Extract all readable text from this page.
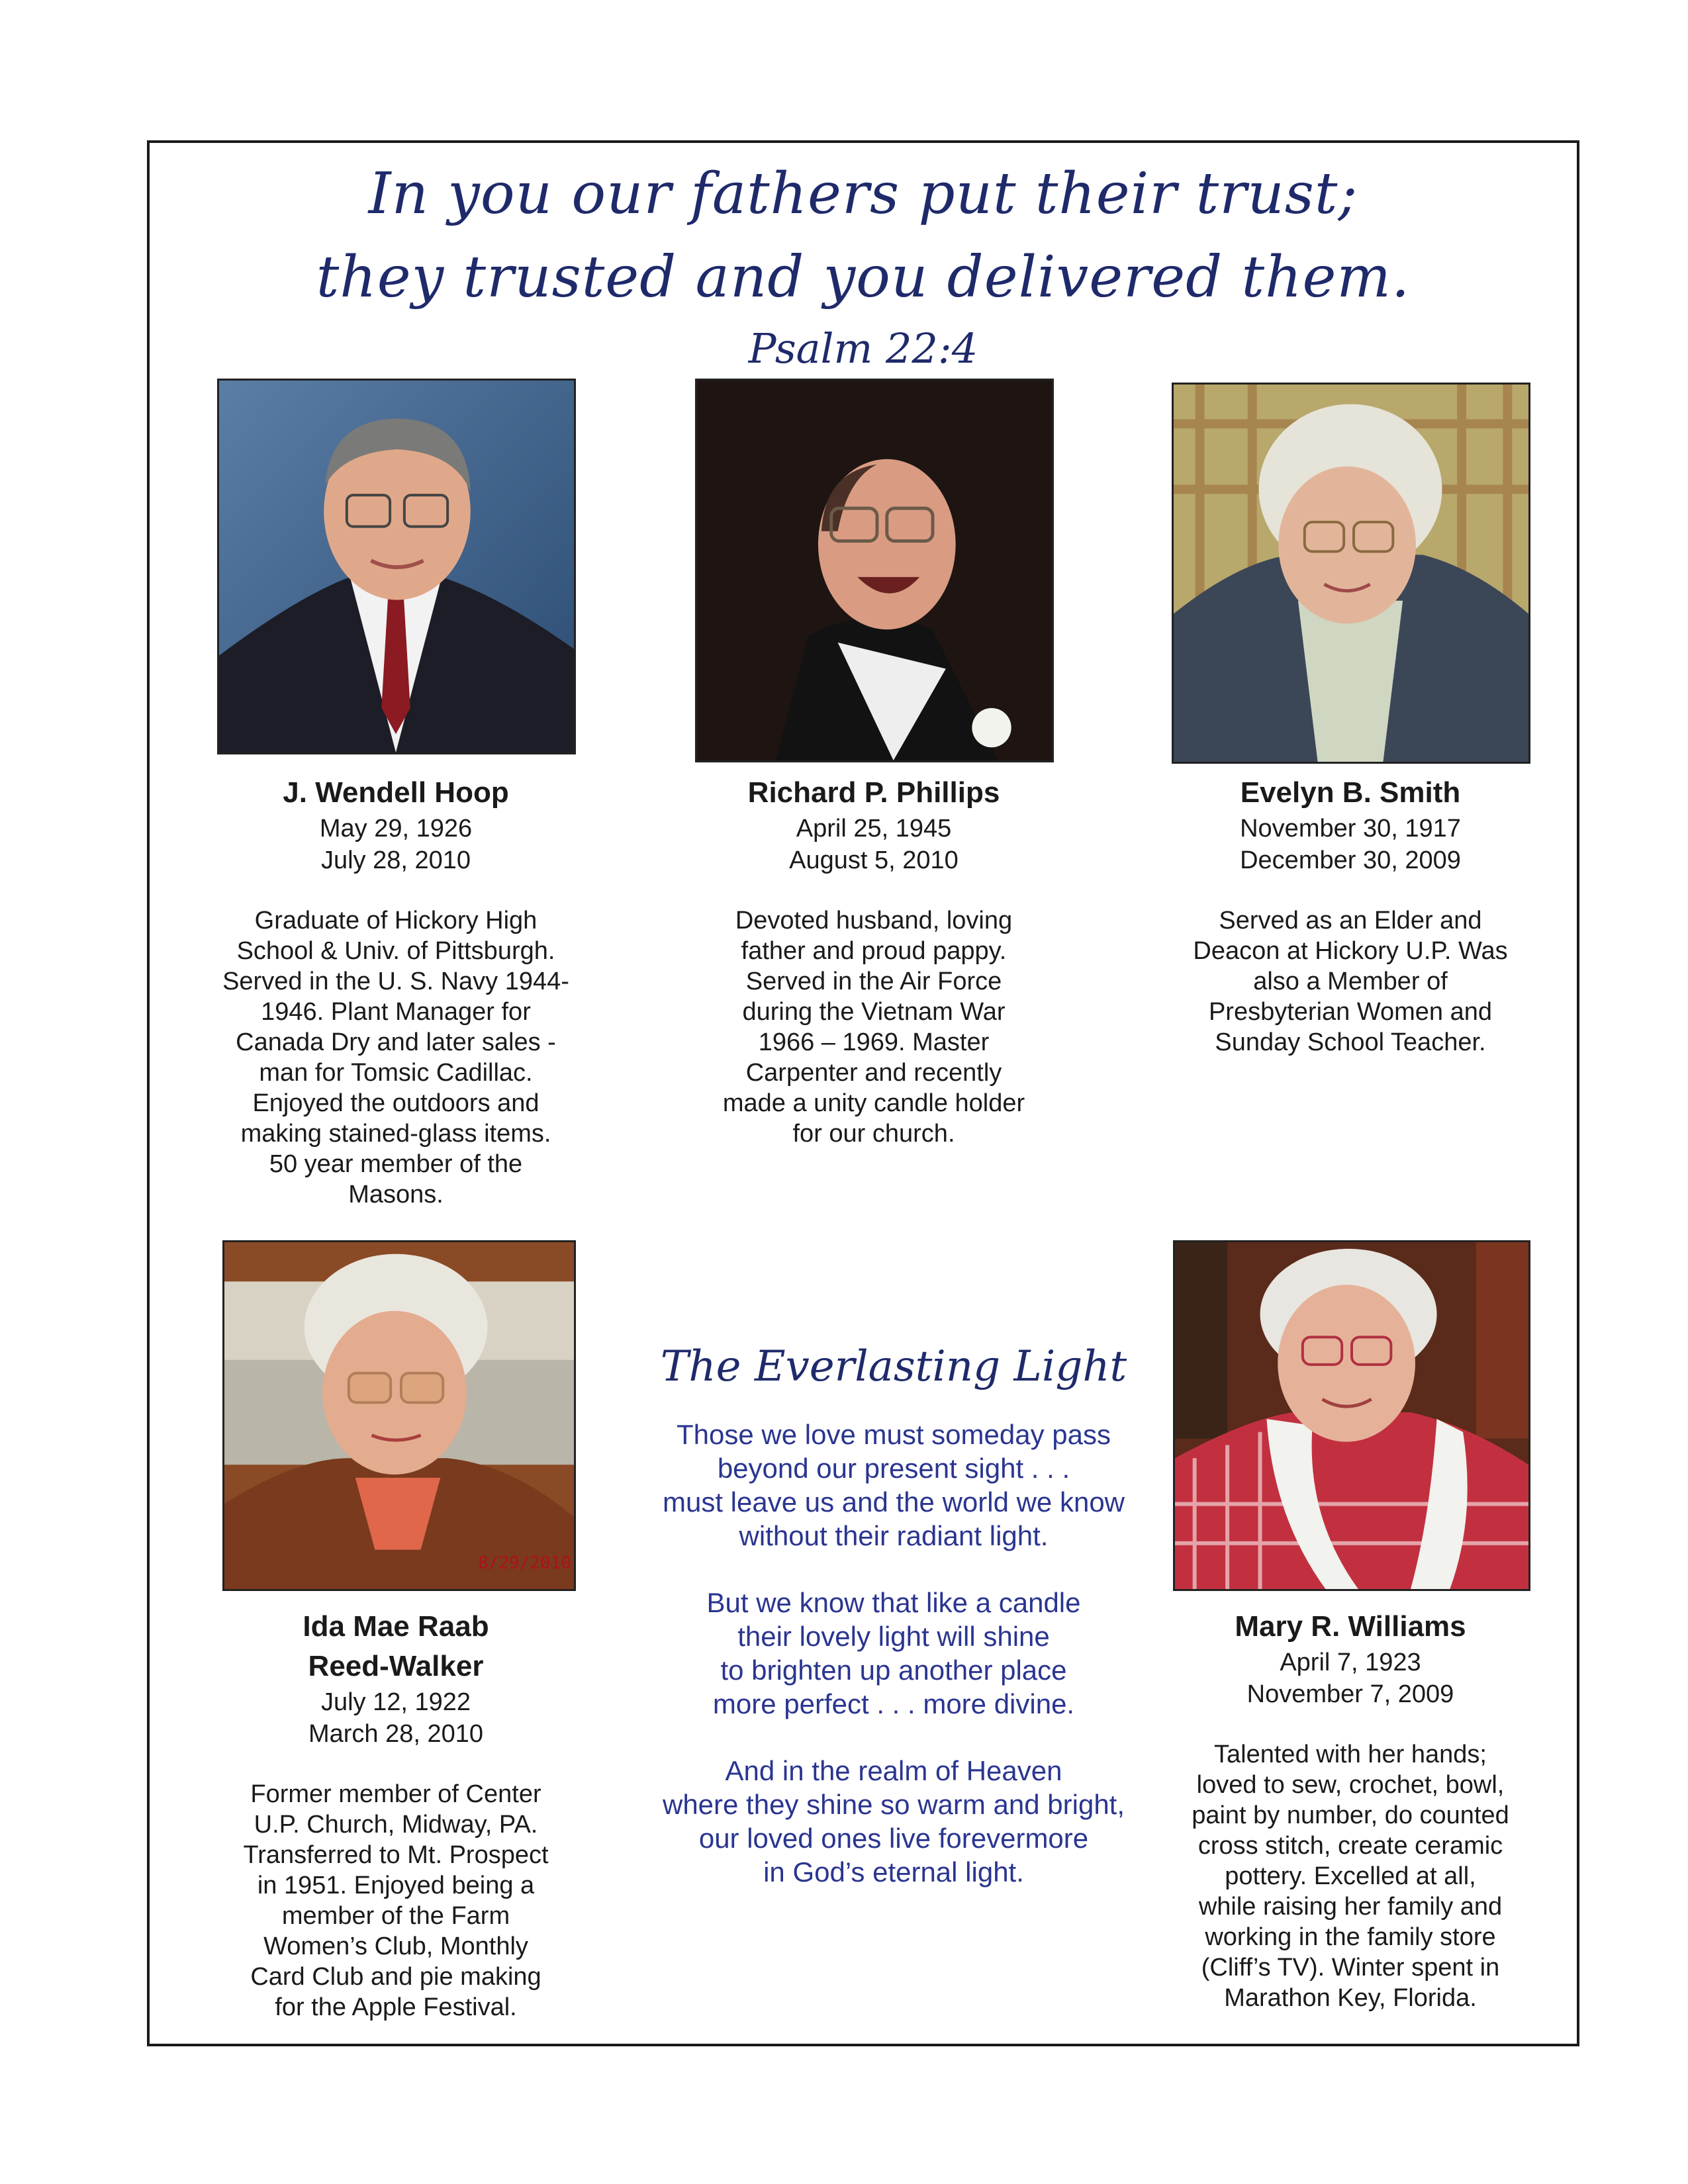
In you our fathers put their trust;
they trusted and you delivered them.
Psalm 22:4
J. Wendell Hoop
May 29, 1926
July 28, 2010
Graduate of Hickory High
School & Univ. of Pittsburgh.
Served in the U. S. Navy 1944-
1946. Plant Manager for
Canada Dry and later sales -
man for Tomsic Cadillac.
Enjoyed the outdoors and
making stained-glass items.
50 year member of the
Masons.
Richard P. Phillips
April 25, 1945
August 5, 2010
Devoted husband, loving
father and proud pappy.
Served in the Air Force
during the Vietnam War
1966 – 1969. Master
Carpenter and recently
made a unity candle holder
for our church.
Evelyn B. Smith
November 30, 1917
December 30, 2009
Served as an Elder and
Deacon at Hickory U.P. Was
also a Member of
Presbyterian Women and
Sunday School Teacher.
8/29/2010
Ida Mae Raab
Reed-Walker
July 12, 1922
March 28, 2010
Former member of Center
U.P. Church, Midway, PA.
Transferred to Mt. Prospect
in 1951. Enjoyed being a
member of the Farm
Women’s Club, Monthly
Card Club and pie making
for the Apple Festival.
Mary R. Williams
April 7, 1923
November 7, 2009
Talented with her hands;
loved to sew, crochet, bowl,
paint by number, do counted
cross stitch, create ceramic
pottery. Excelled at all,
while raising her family and
working in the family store
(Cliff’s TV). Winter spent in
Marathon Key, Florida.
The Everlasting Light
Those we love must someday pass
beyond our present sight . . .
must leave us and the world we know
without their radiant light.
But we know that like a candle
their lovely light will shine
to brighten up another place
more perfect . . . more divine.
And in the realm of Heaven
where they shine so warm and bright,
our loved ones live forevermore
in God’s eternal light.
